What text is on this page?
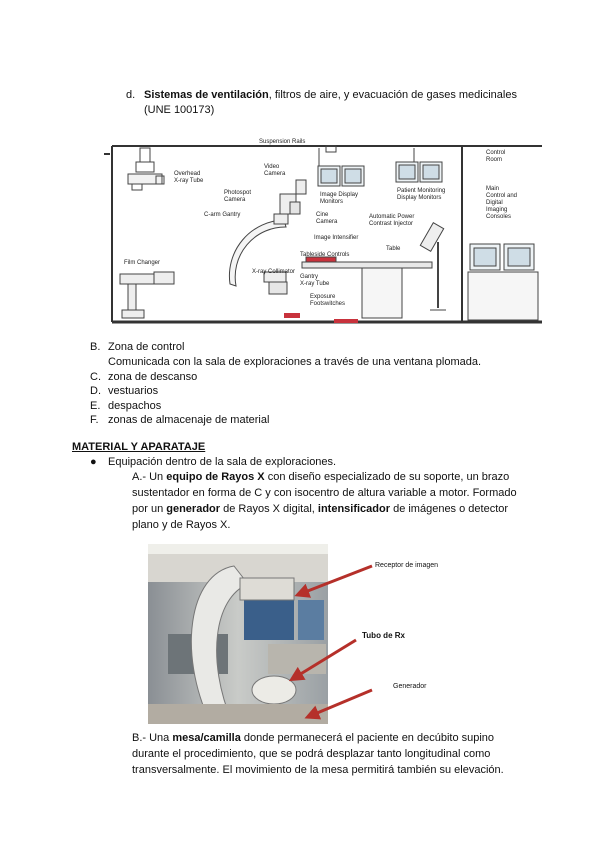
d. Sistemas de ventilación, filtros de aire, y evacuación de gases medicinales
(UNE 100173)
Suspension Rails
Overhead
X-ray Tube
Video
Camera
Photospot
Camera
Image Display
Monitors
Patient Monitoring
Display Monitors
C-arm Gantry	Cine
Camera
Automatic Power
Contrast Injector
Image Intensifier
Table
Tableside Controls
Film Changer
X-ray Collimator
Gantry
X-ray Tube
Exposure
Footswitches
Control
Room
Main
Control and
Digital
Imaging
Consoles
B. Zona de control
Comunicada con la sala de exploraciones a través de una ventana plomada.
C. zona de descanso
D. vestuarios
E. despachos
F. zonas de almacenaje de material
MATERIAL Y APARATAJE
● Equipación dentro de la sala de exploraciones.
A.- Un equipo de Rayos X con diseño especializado de su soporte, un brazo
sustentador en forma de C y con isocentro de altura variable a motor. Formado
por un generador de Rayos X digital, intensificador de imágenes o detector
plano y de Rayos X.
Receptor de imagen
Tubo de Rx
Generador
B.- Una mesa/camilla donde permanecerá el paciente en decúbito supino
durante el procedimiento, que se podrá desplazar tanto longitudinal como
transversalmente. El movimiento de la mesa permitirá también su elevación.
